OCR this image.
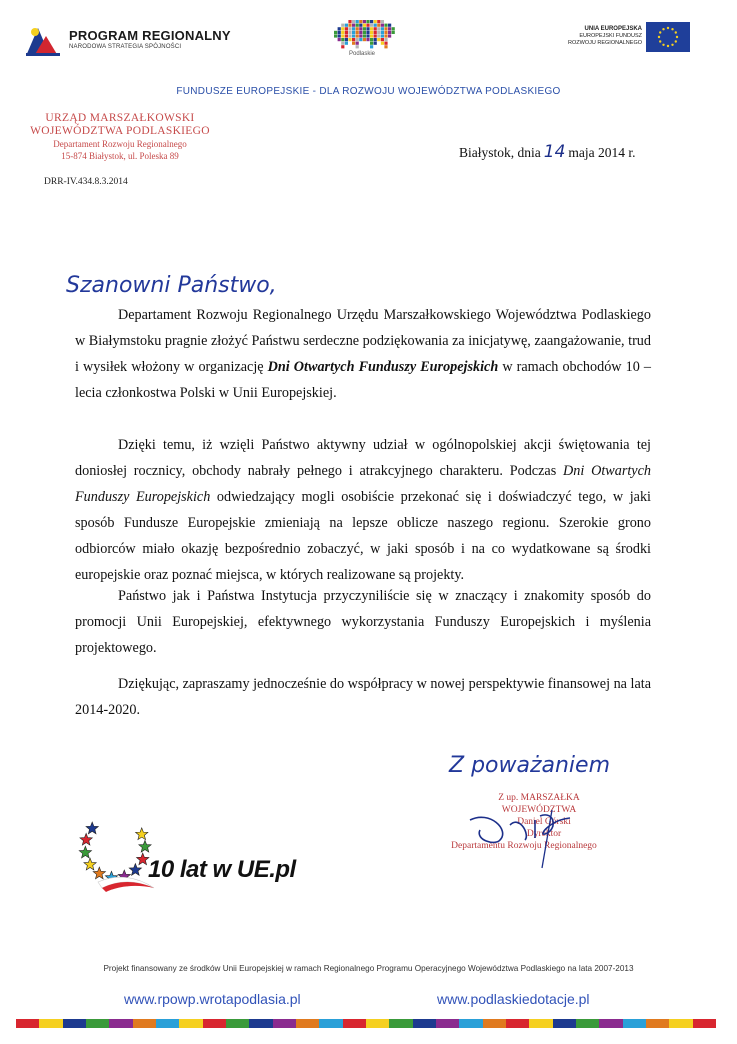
PROGRAM REGIONALNY
NARODOWA STRATEGIA SPÓJNOŚCI
Podlaskie
UNIA EUROPEJSKA
EUROPEJSKI FUNDUSZ
ROZWOJU REGIONALNEGO
FUNDUSZE EUROPEJSKIE - DLA ROZWOJU WOJEWÓDZTWA PODLASKIEGO
URZĄD MARSZAŁKOWSKI
WOJEWÓDZTWA PODLASKIEGO
Departament Rozwoju Regionalnego
15-874 Białystok, ul. Poleska 89
DRR-IV.434.8.3.2014
Białystok, dnia 14 maja 2014 r.
Szanowni Państwo,

Departament Rozwoju Regionalnego Urzędu Marszałkowskiego Województwa Podlaskiego w Białymstoku pragnie złożyć Państwu serdeczne podziękowania za inicjatywę, zaangażowanie, trud i wysiłek włożony w organizację Dni Otwartych Funduszy Europejskich w ramach obchodów 10 – lecia członkostwa Polski w Unii Europejskiej.

Dzięki temu, iż wzięli Państwo aktywny udział w ogólnopolskiej akcji świętowania tej doniosłej rocznicy, obchody nabrały pełnego i atrakcyjnego charakteru. Podczas Dni Otwartych Funduszy Europejskich odwiedzający mogli osobiście przekonać się i doświadczyć tego, w jaki sposób Fundusze Europejskie zmieniają na lepsze oblicze naszego regionu. Szerokie grono odbiorców miało okazję bezpośrednio zobaczyć, w jaki sposób i na co wydatkowane są środki europejskie oraz poznać miejsca, w których realizowane są projekty.

Państwo jak i Państwa Instytucja przyczyniliście się w znaczący i znakomity sposób do promocji Unii Europejskiej, efektywnego wykorzystania Funduszy Europejskich i myślenia projektowego.

Dziękując, zapraszamy jednocześnie do współpracy w nowej perspektywie finansowej na lata 2014-2020.

Z poważaniem
Z up. MARSZAŁKA WOJEWÓDZTWA
Daniel Górski
Dyrektor
Departamentu Rozwoju Regionalnego
10 lat w UE.pl
Projekt finansowany ze środków Unii Europejskiej w ramach Regionalnego Programu Operacyjnego Województwa Podlaskiego na lata 2007-2013
www.rpowp.wrotapodlasia.pl	www.podlaskiedotacje.pl
